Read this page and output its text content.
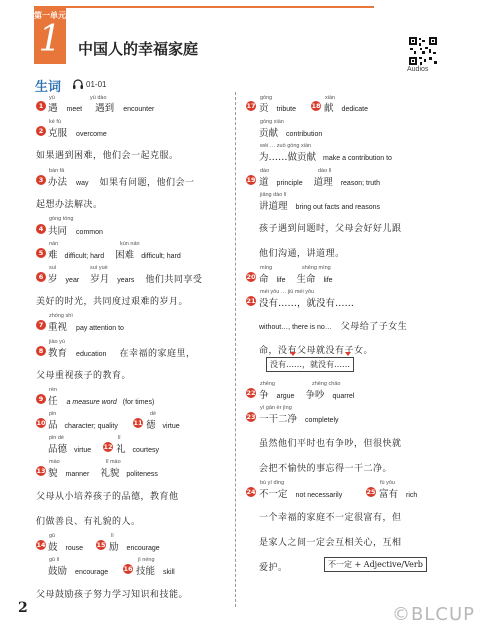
第一单元
1	中国人的幸福家庭
Audios
生词	01-01
1
yù
遇 meet 遇到 encounter
yù dào
2
kè fú
克服 overcome
如果遇到困难，他们会一起克服。
3
bàn fǎ
办法 way 如果有问题，他们会一
起想办法解决。
4
gòng tóng
共同 common
5
nán	kùn nán
难 difficult; hard 困难 difficult; hard
6
suì	suì yuè
岁 year 岁月 years 他们共同享受
美好的时光，共同度过艰难的岁月。
7
zhòng shì
重视 pay attention to
8
jiào yù
教育 education 在幸福的家庭里，
父母重视孩子的教育。
9
rèn
任 a measure word (for times)
10
pǐn	dé
品 character; quality 11 德 virtue
pǐn dé
品德 virtue 12
lǐ
礼 courtesy
13
mào	lǐ mào
貌 manner 礼貌 politeness
父母从小培养孩子的品德，教育他
们做善良、有礼貌的人。
14
gǔ
鼓 rouse 15
lì
励 encourage
gǔ lì
鼓励 encourage 16
jì néng
技能 skill
父母鼓励孩子努力学习知识和技能。
17
gòng
贡 tribute 18
xiàn
献 dedicate
gòng xiàn
贡献 contribution
wèi … zuò gòng xiàn
为……做贡献 make a contribution to
19
dào	dào lǐ
道 principle 道理 reason; truth
jiǎng dào lǐ
讲道理 bring out facts and reasons
孩子遇到问题时，父母会好好儿跟
他们沟通，讲道理。
20
mìng	shēng mìng
命 life 生命 life
21
méi yǒu … jiù méi yǒu
没有……，就没有……
without…, there is no… 父母给了子女生
命，没有父母就没有子女。
没有……，就没有……
22
zhēng	zhēng chǎo
争 argue 争吵 quarrel
23
yì gān èr jìng
一干二净 completely
虽然他们平时也有争吵，但很快就
会把不愉快的事忘得一干二净。
24
bù yí dìng
不一定 not necessarily	25
fù yǒu
富有 rich
一个幸福的家庭不一定很富有，但
是家人之间一定会互相关心，互相
爱护。	不一定 + Adjective/Verb
2	©BLCUP
